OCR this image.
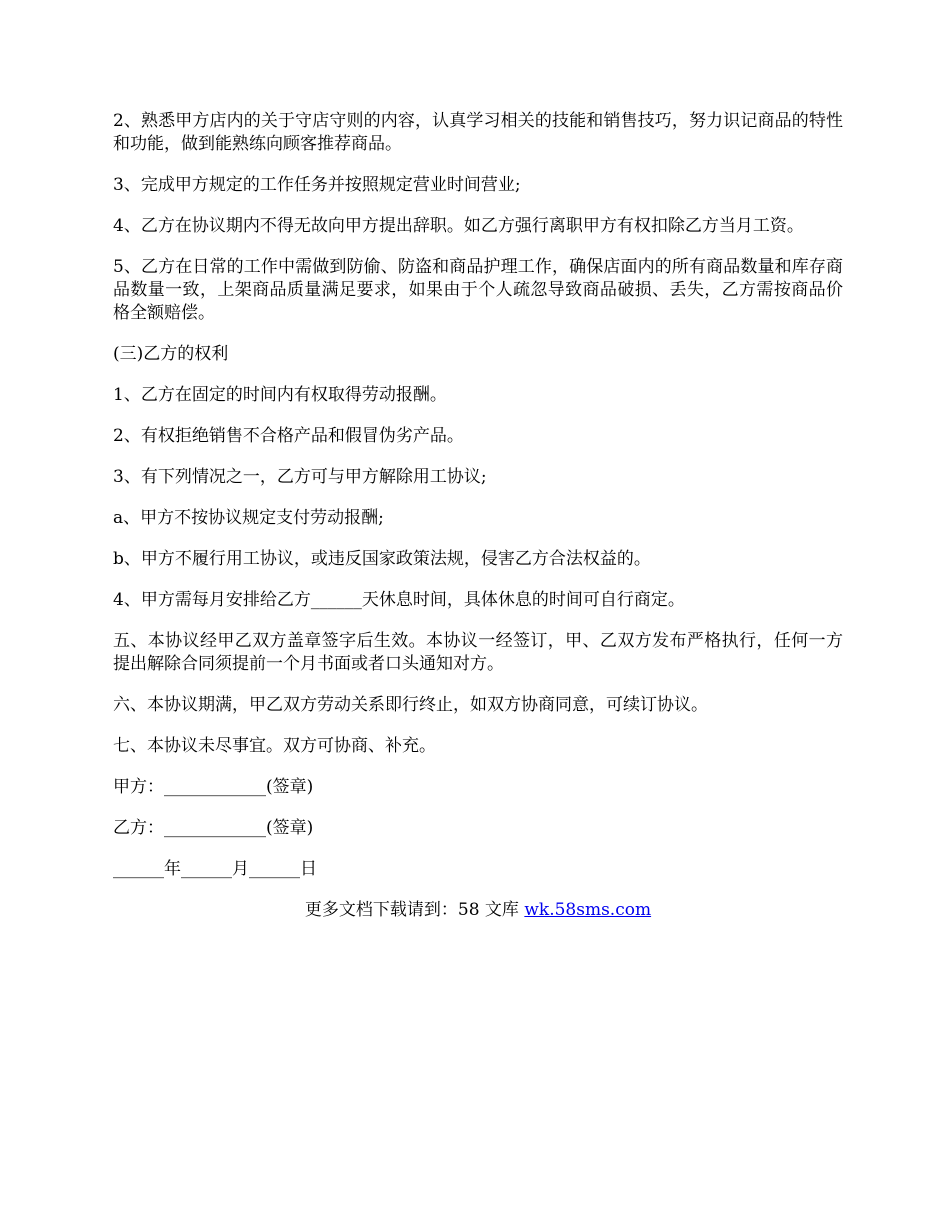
2、熟悉甲方店内的关于守店守则的内容，认真学习相关的技能和销售技巧，努力识记商品的特性和功能，做到能熟练向顾客推荐商品。

3、完成甲方规定的工作任务并按照规定营业时间营业;

4、乙方在协议期内不得无故向甲方提出辞职。如乙方强行离职甲方有权扣除乙方当月工资。

5、乙方在日常的工作中需做到防偷、防盗和商品护理工作，确保店面内的所有商品数量和库存商品数量一致，上架商品质量满足要求，如果由于个人疏忽导致商品破损、丢失，乙方需按商品价格全额赔偿。

(三)乙方的权利

1、乙方在固定的时间内有权取得劳动报酬。

2、有权拒绝销售不合格产品和假冒伪劣产品。

3、有下列情况之一，乙方可与甲方解除用工协议;

a、甲方不按协议规定支付劳动报酬;

b、甲方不履行用工协议，或违反国家政策法规，侵害乙方合法权益的。

4、甲方需每月安排给乙方______天休息时间，具体休息的时间可自行商定。

五、本协议经甲乙双方盖章签字后生效。本协议一经签订，甲、乙双方发布严格执行，任何一方提出解除合同须提前一个月书面或者口头通知对方。

六、本协议期满，甲乙双方劳动关系即行终止，如双方协商同意，可续订协议。

七、本协议未尽事宜。双方可协商、补充。

甲方：____________(签章)

乙方：____________(签章)

______年______月______日

更多文档下载请到：58 文库 wk.58sms.com
